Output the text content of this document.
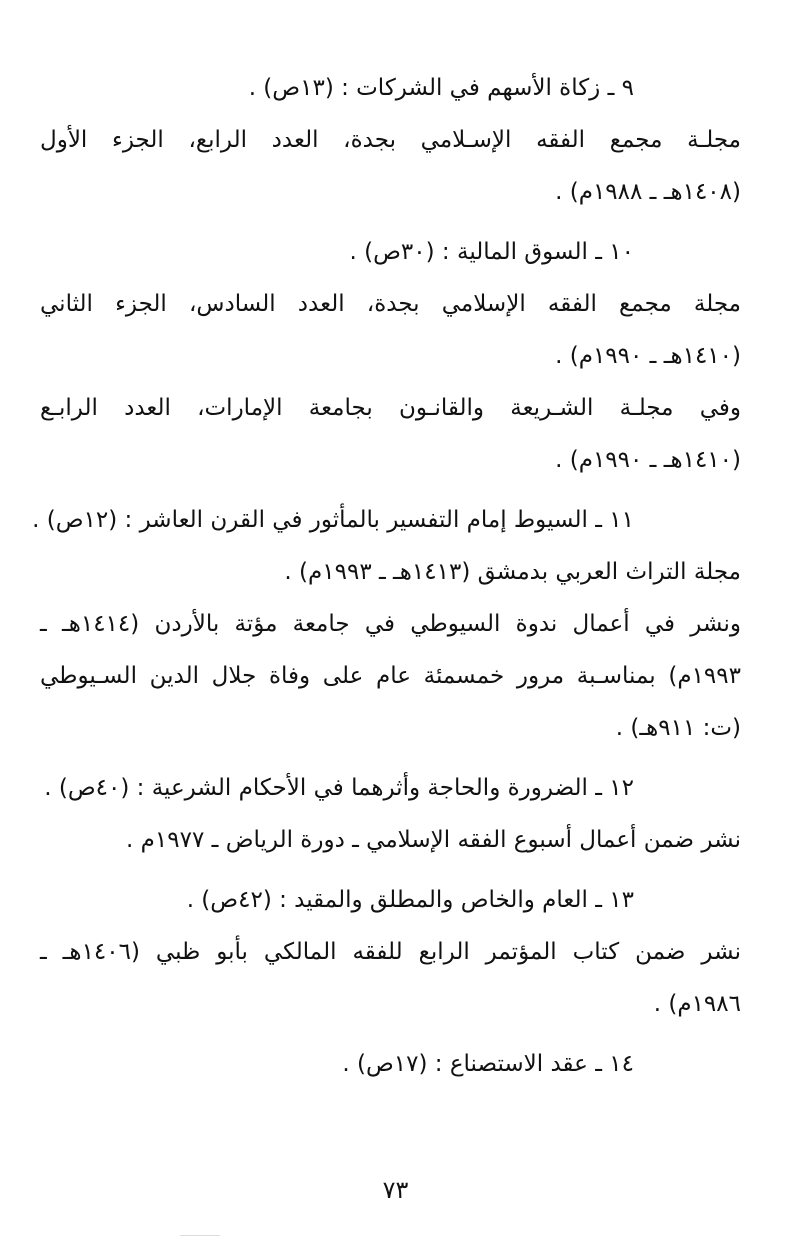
٩ ـ زكاة الأسهم في الشركات : (١٣ص) .

مجلـة مجمع الفقه الإسـلامي بجدة، العدد الرابع، الجزء الأول

(١٤٠٨هـ ـ ١٩٨٨م) .

١٠ ـ السوق المالية : (٣٠ص) .

مجلة مجمع الفقه الإسلامي بجدة، العدد السادس، الجزء الثاني

(١٤١٠هـ ـ ١٩٩٠م) .

وفي مجلـة الشـريعة والقانـون بجامعة الإمارات، العدد الرابـع

(١٤١٠هـ ـ ١٩٩٠م) .

١١ ـ السيوط إمام التفسير بالمأثور في القرن العاشر : (١٢ص) .

مجلة التراث العربي بدمشق (١٤١٣هـ ـ ١٩٩٣م) .

ونشر في أعمال ندوة السيوطي في جامعة مؤتة بالأردن (١٤١٤هـ ـ

١٩٩٣م) بمناسـبة مرور خمسمئة عام على وفاة جلال الدين السـيوطي

(ت: ٩١١هـ) .

١٢ ـ الضرورة والحاجة وأثرهما في الأحكام الشرعية : (٤٠ص) .

نشر ضمن أعمال أسبوع الفقه الإسلامي ـ دورة الرياض ـ ١٩٧٧م .

١٣ ـ العام والخاص والمطلق والمقيد : (٤٢ص) .

نشر ضمن كتاب المؤتمر الرابع للفقه المالكي بأبو ظبي (١٤٠٦هـ ـ

١٩٨٦م) .

١٤ ـ عقد الاستصناع : (١٧ص) .

٧٣
